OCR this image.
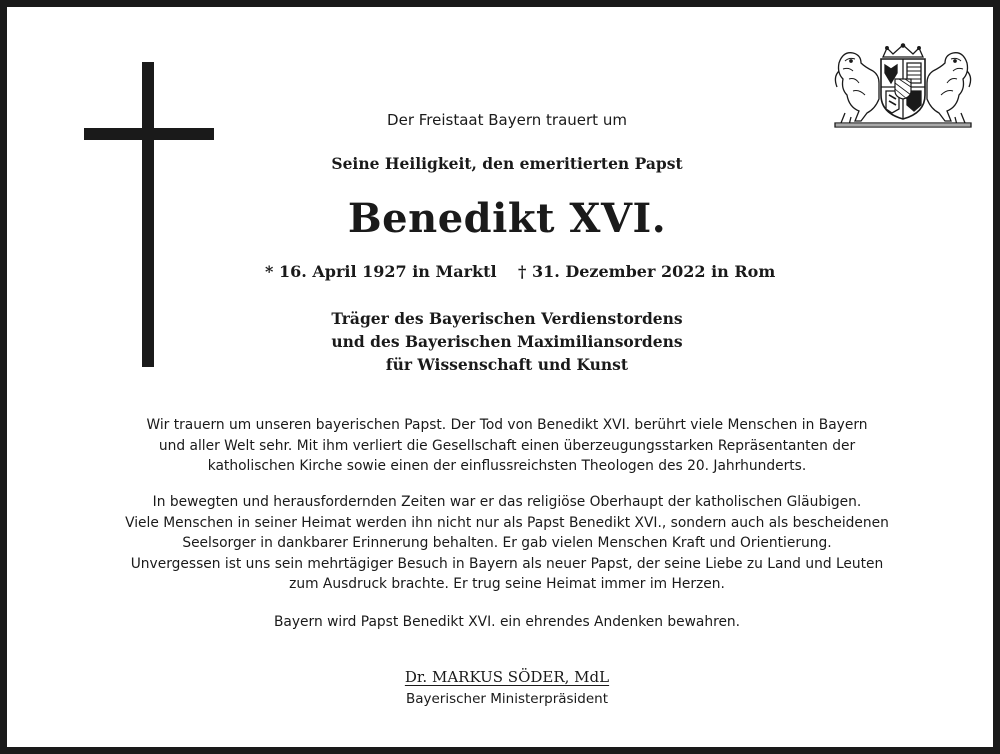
Der Freistaat Bayern trauert um

Seine Heiligkeit, den emeritierten Papst

Benedikt XVI.

* 16. April 1927 in Marktl † 31. Dezember 2022 in Rom
Träger des Bayerischen Verdienstordens
und des Bayerischen Maximiliansordens
für Wissenschaft und Kunst
Wir trauern um unseren bayerischen Papst. Der Tod von Benedikt XVI. berührt viele Menschen in Bayern
und aller Welt sehr. Mit ihm verliert die Gesellschaft einen überzeugungsstarken Repräsentanten der
katholischen Kirche sowie einen der einflussreichsten Theologen des 20. Jahrhunderts.
In bewegten und herausfordernden Zeiten war er das religiöse Oberhaupt der katholischen Gläubigen.
Viele Menschen in seiner Heimat werden ihn nicht nur als Papst Benedikt XVI., sondern auch als bescheidenen
Seelsorger in dankbarer Erinnerung behalten. Er gab vielen Menschen Kraft und Orientierung.
Unvergessen ist uns sein mehrtägiger Besuch in Bayern als neuer Papst, der seine Liebe zu Land und Leuten
zum Ausdruck brachte. Er trug seine Heimat immer im Herzen.
Bayern wird Papst Benedikt XVI. ein ehrendes Andenken bewahren.

Dr. MARKUS SÖDER, MdL

Bayerischer Ministerpräsident
